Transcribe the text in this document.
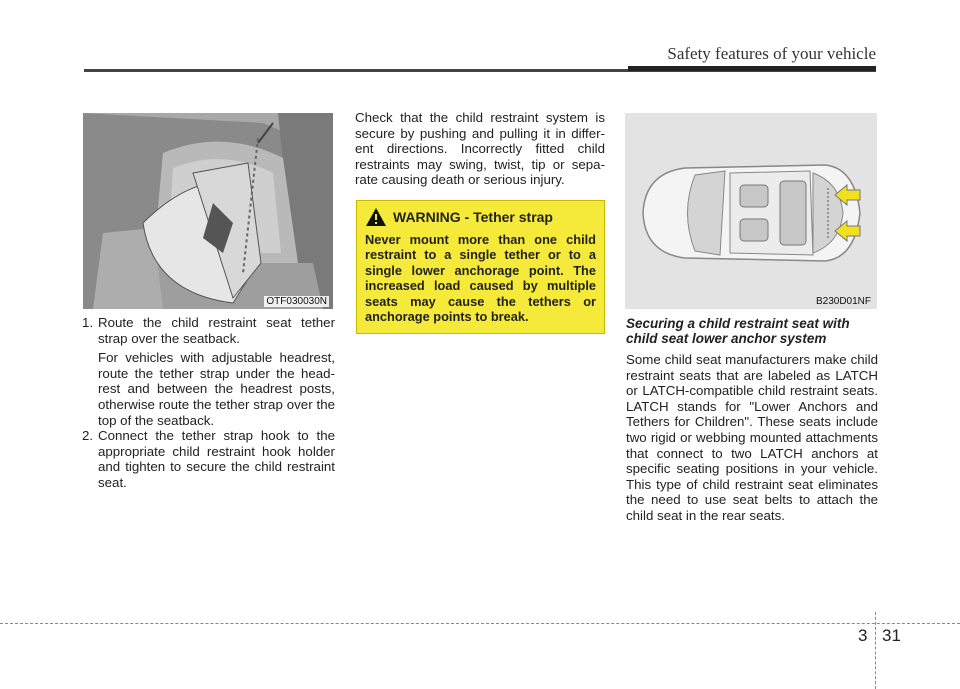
Safety features of your vehicle
OTF030030N
1. Route the child restraint seat tether strap over the seatback.

For vehicles with adjustable headrest, route the tether strap under the head-rest and between the headrest posts, otherwise route the tether strap over the top of the seatback.

2. Connect the tether strap hook to the appropriate child restraint hook holder and tighten to secure the child restraint seat.

Check that the child restraint system is secure by pushing and pulling it in differ-ent directions. Incorrectly fitted child restraints may swing, twist, tip or sepa-rate causing death or serious injury.

WARNING - Tether strap
Never mount more than one child restraint to a single tether or to a single lower anchorage point. The increased load caused by multiple seats may cause the tethers or anchorage points to break.
B230D01NF
Securing a child restraint seat with child seat lower anchor system

Some child seat manufacturers make child restraint seats that are labeled as LATCH or LATCH-compatible child restraint seats. LATCH stands for "Lower Anchors and Tethers for Children". These seats include two rigid or webbing mounted attachments that connect to two LATCH anchors at specific seating positions in your vehicle. This type of child restraint seat eliminates the need to use seat belts to attach the child seat in the rear seats.

3 31
